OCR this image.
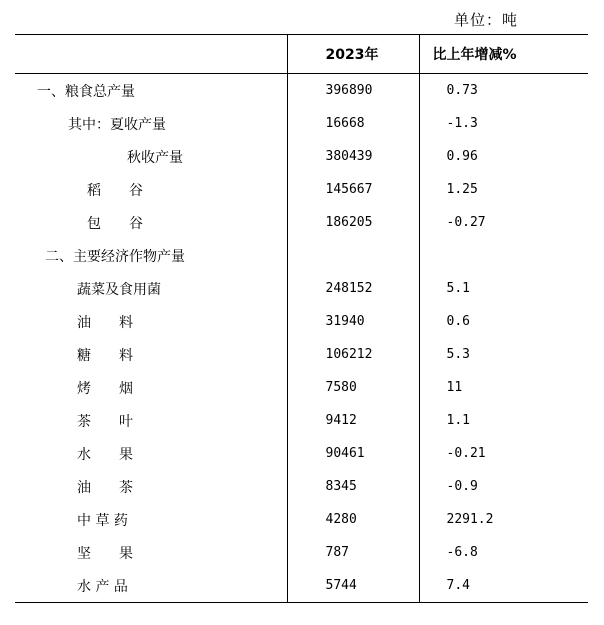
单位：吨
	2023年	比上年增减%
一、粮食总产量	396890	0.73
其中：夏收产量	16668	-1.3
秋收产量	380439	0.96
稻　　谷	145667	1.25
包　　谷	186205	-0.27
二、主要经济作物产量		
蔬菜及食用菌	248152	5.1
油　　料	31940	0.6
糖　　料	106212	5.3
烤　　烟	7580	11
茶　　叶	9412	1.1
水　　果	90461	-0.21
油　　茶	8345	-0.9
中 草 药	4280	2291.2
坚　　果	787	-6.8
水 产 品	5744	7.4
